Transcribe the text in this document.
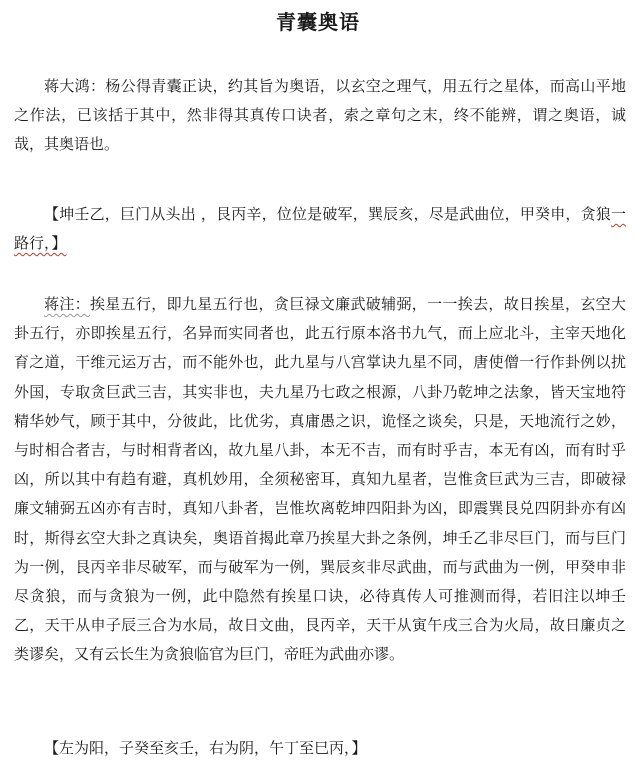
青囊奥语

蒋大鸿：杨公得青囊正诀，约其旨为奥语，以玄空之理气，用五行之星体，而高山平地之作法，已该括于其中，然非得其真传口诀者，索之章句之末，终不能辨，谓之奥语，诚哉，其奥语也。

【坤壬乙，巨门从头出 ，艮丙辛，位位是破军，巽辰亥，尽是武曲位，甲癸申，贪狼一路行，】

蒋注：挨星五行，即九星五行也，贪巨禄文廉武破辅弼，一一挨去，故日挨星，玄空大卦五行，亦即挨星五行，名异而实同者也，此五行原本洛书九气，而上应北斗，主宰天地化育之道，干维元运万古，而不能外也，此九星与八宫掌诀九星不同，唐使僧一行作卦例以扰外国，专取贪巨武三吉，其实非也，夫九星乃七政之根源，八卦乃乾坤之法象，皆天宝地符精华妙气，顾于其中，分彼此，比优劣，真庸愚之识，诡怪之谈矣，只是，天地流行之妙，与时相合者吉，与时相背者凶，故九星八卦，本无不吉，而有时乎吉，本无有凶，而有时乎凶，所以其中有趋有避，真机妙用，全须秘密耳，真知九星者，岂惟贪巨武为三吉，即破禄廉文辅弼五凶亦有吉时，真知八卦者，岂惟坎离乾坤四阳卦为凶，即震巽艮兑四阴卦亦有凶时，斯得玄空大卦之真诀矣，奥语首揭此章乃挨星大卦之条例，坤壬乙非尽巨门，而与巨门为一例，艮丙辛非尽破军，而与破军为一例，巽辰亥非尽武曲，而与武曲为一例，甲癸申非尽贪狼，而与贪狼为一例，此中隐然有挨星口诀，必待真传人可推测而得，若旧注以坤壬乙，天干从申子辰三合为水局，故日文曲，艮丙辛，天干从寅午戌三合为火局，故日廉贞之类谬矣，又有云长生为贪狼临官为巨门，帝旺为武曲亦谬。

【左为阳，子癸至亥壬，右为阴，午丁至巳丙，】
